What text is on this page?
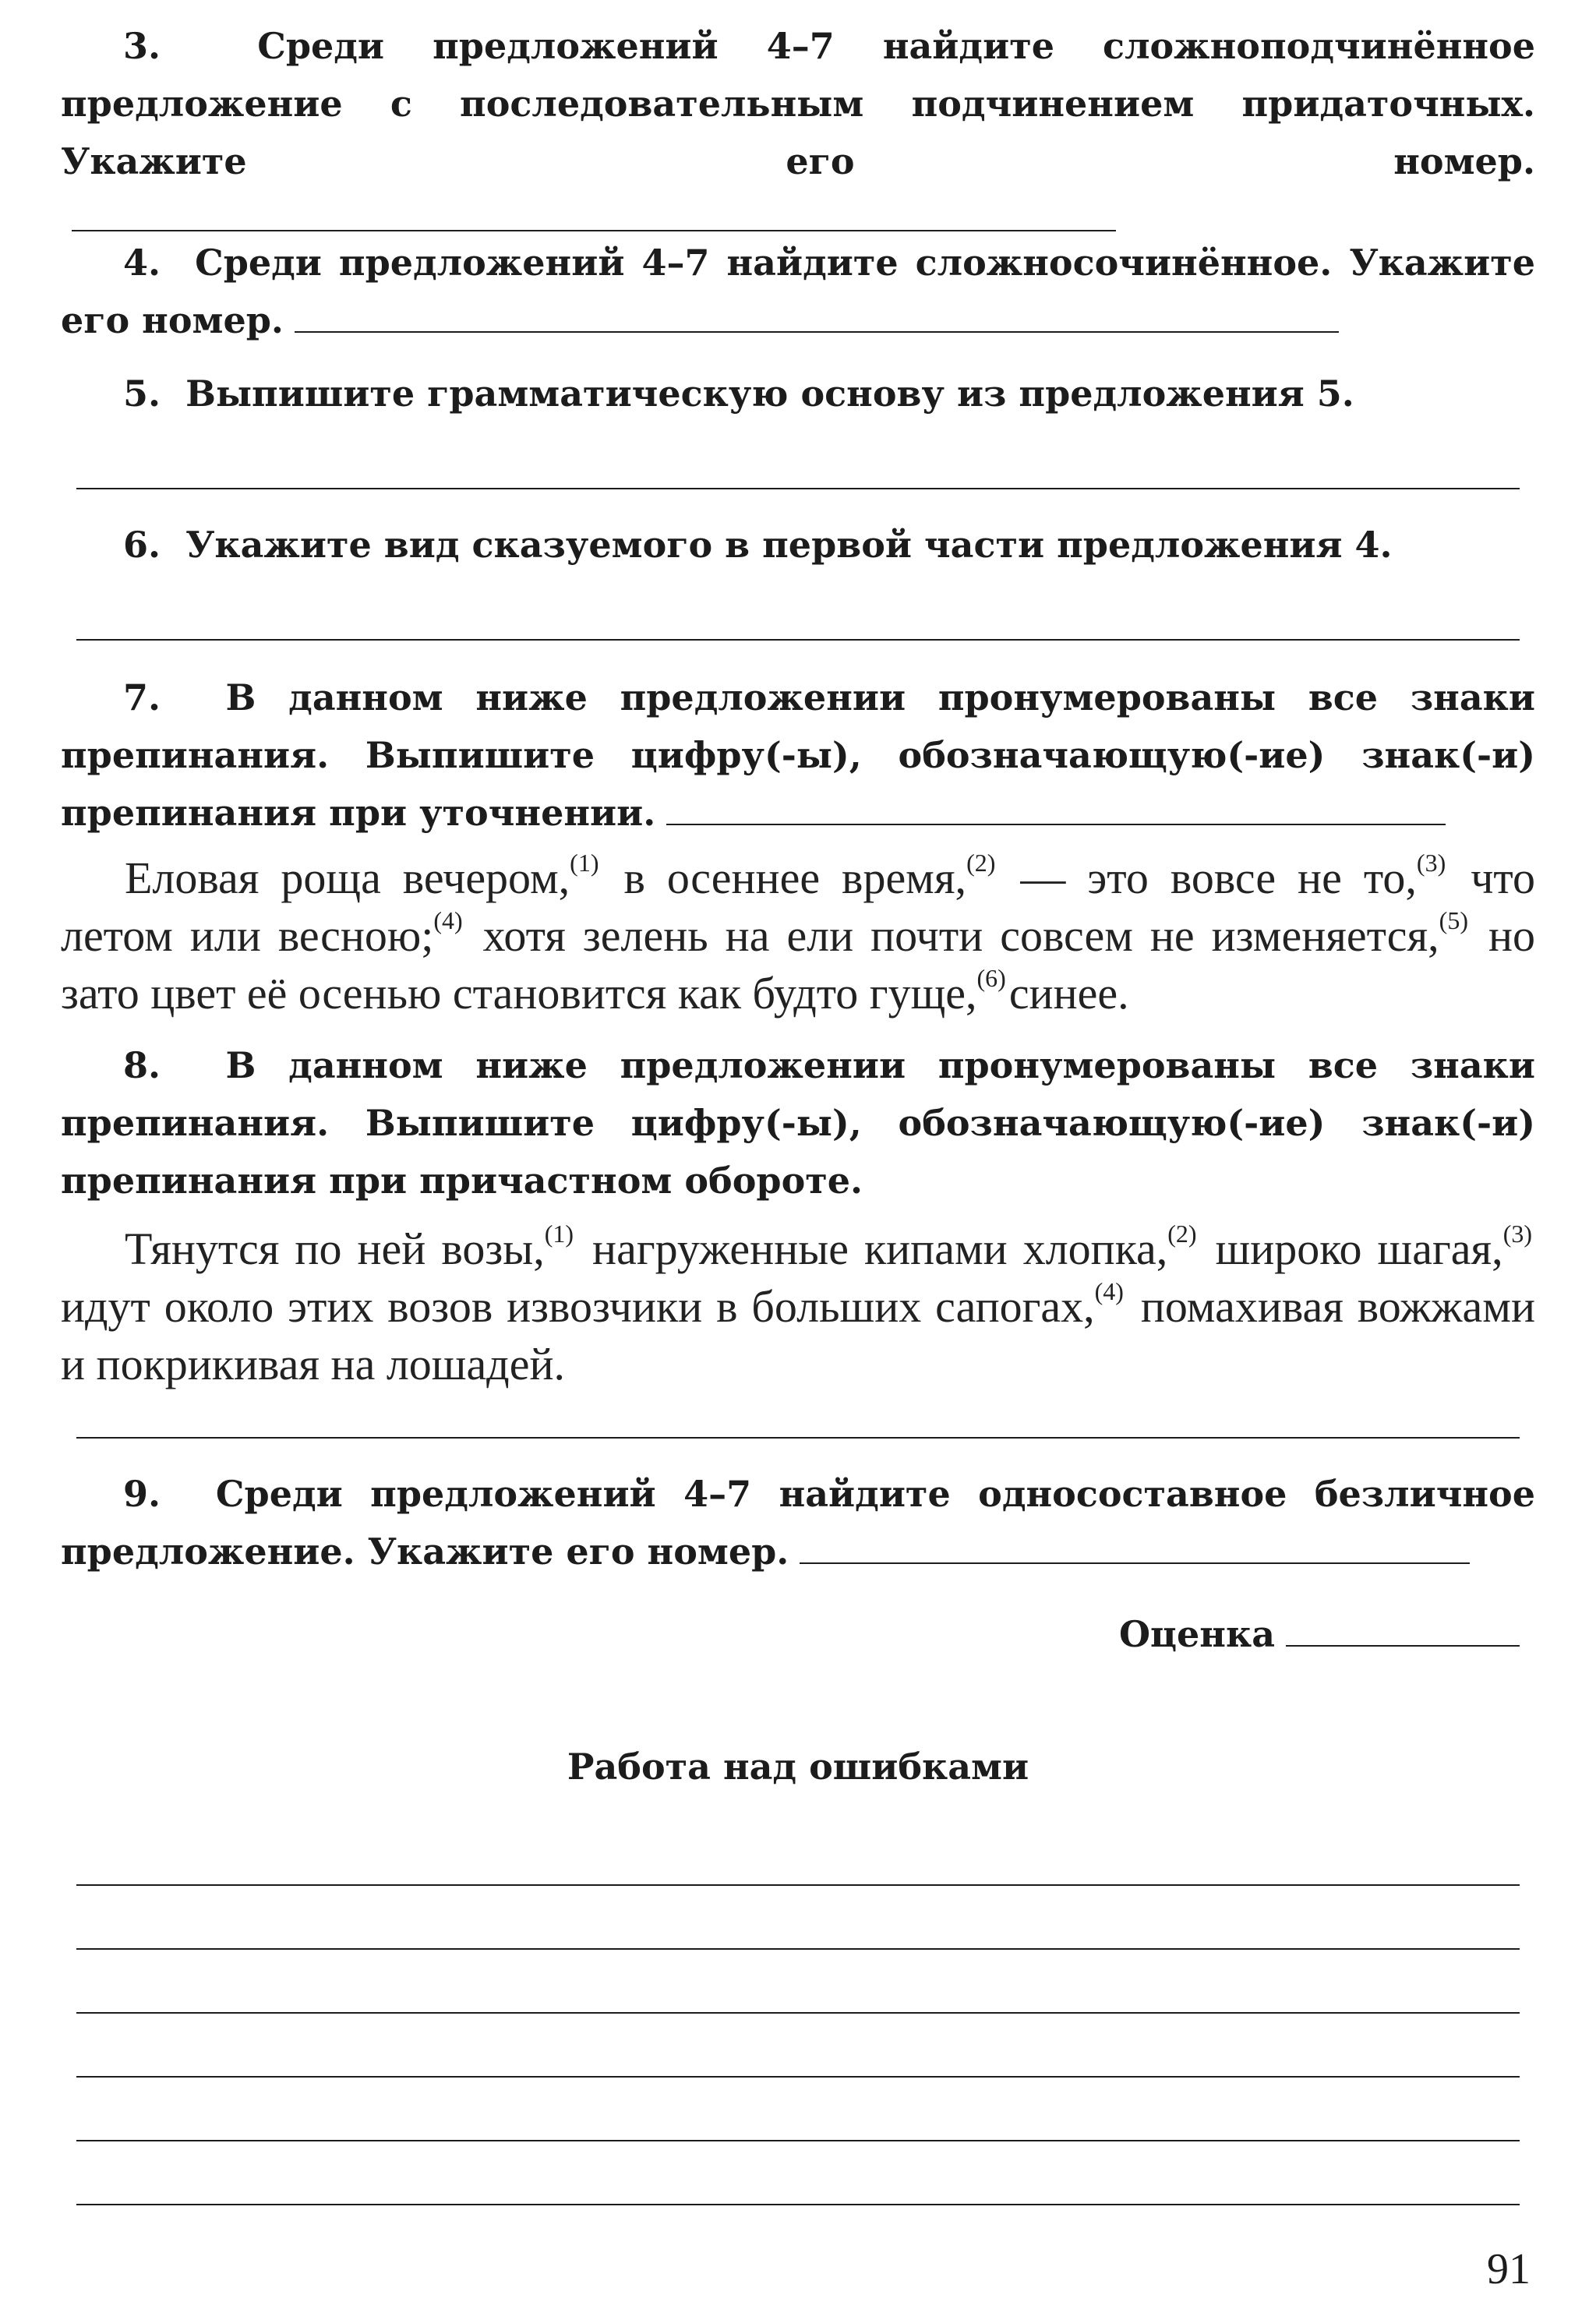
3.	Среди предложений 4–7 найдите сложноподчинённое предложение с последовательным подчинением придаточных. Укажите его номер.

4. Среди предложений 4–7 найдите сложносочинённое. Укажите его номер.

5. Выпишите грамматическую основу из предложения 5.

6. Укажите вид сказуемого в первой части предложения 4.

7. В данном ниже предложении пронумерованы все знаки препинания. Выпишите цифру(-ы), обозначающую(-ие) знак(-и) препинания при уточнении.

Еловая роща вечером,$^{(1)}$ в осеннее время,$^{(2)}$ — это вовсе не то,$^{(3)}$ что летом или весною;$^{(4)}$ хотя зелень на ели почти совсем не изменяется,$^{(5)}$ но зато цвет её осенью становится как будто гуще,$^{(6)}$синее.

8. В данном ниже предложении пронумерованы все знаки препинания. Выпишите цифру(-ы), обозначающую(-ие) знак(-и) препинания при причастном обороте.

Тянутся по ней возы,$^{(1)}$ нагруженные кипами хлопка,$^{(2)}$ широко шагая,$^{(3)}$ идут около этих возов извозчики в больших сапогах,$^{(4)}$ помахивая вожжами и покрикивая на лошадей.

9. Среди предложений 4–7 найдите односоставное безличное предложение. Укажите его номер.

Оценка

Работа над ошибками

91
